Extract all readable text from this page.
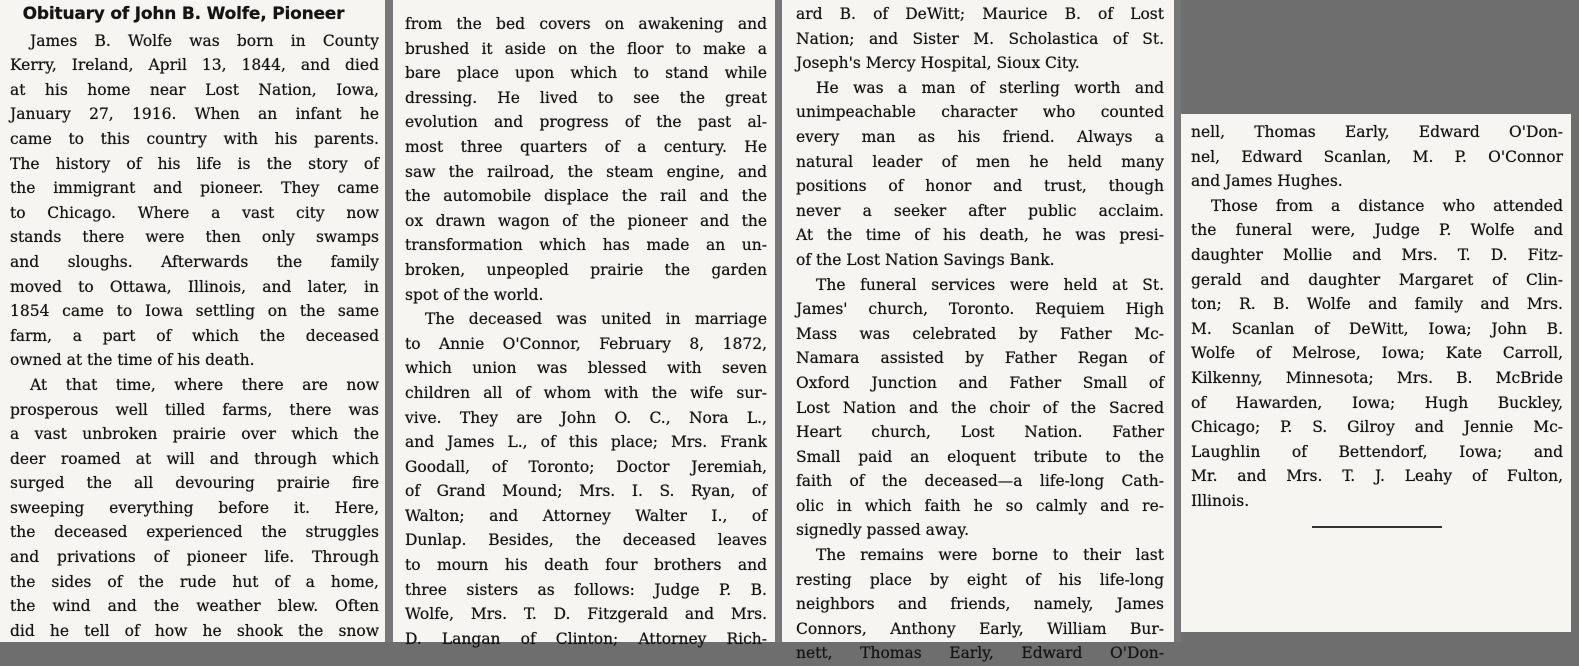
Obituary of John B. Wolfe, Pioneer
James B. Wolfe was born in County
Kerry, Ireland, April 13, 1844, and died
at his home near Lost Nation, Iowa,
January 27, 1916. When an infant he
came to this country with his parents.
The history of his life is the story of
the immigrant and pioneer. They came
to Chicago. Where a vast city now
stands there were then only swamps
and sloughs. Afterwards the family
moved to Ottawa, Illinois, and later, in
1854 came to Iowa settling on the same
farm, a part of which the deceased
owned at the time of his death.
At that time, where there are now
prosperous well tilled farms, there was
a vast unbroken prairie over which the
deer roamed at will and through which
surged the all devouring prairie fire
sweeping everything before it. Here,
the deceased experienced the struggles
and privations of pioneer life. Through
the sides of the rude hut of a home,
the wind and the weather blew. Often
did he tell of how he shook the snow
from the bed covers on awakening and
brushed it aside on the floor to make a
bare place upon which to stand while
dressing. He lived to see the great
evolution and progress of the past al-
most three quarters of a century. He
saw the railroad, the steam engine, and
the automobile displace the rail and the
ox drawn wagon of the pioneer and the
transformation which has made an un-
broken, unpeopled prairie the garden
spot of the world.
The deceased was united in marriage
to Annie O'Connor, February 8, 1872,
which union was blessed with seven
children all of whom with the wife sur-
vive. They are John O. C., Nora L.,
and James L., of this place; Mrs. Frank
Goodall, of Toronto; Doctor Jeremiah,
of Grand Mound; Mrs. I. S. Ryan, of
Walton; and Attorney Walter I., of
Dunlap. Besides, the deceased leaves
to mourn his death four brothers and
three sisters as follows: Judge P. B.
Wolfe, Mrs. T. D. Fitzgerald and Mrs.
D. Langan of Clinton; Attorney Rich-
ard B. of DeWitt; Maurice B. of Lost
Nation; and Sister M. Scholastica of St.
Joseph's Mercy Hospital, Sioux City.
He was a man of sterling worth and
unimpeachable character who counted
every man as his friend. Always a
natural leader of men he held many
positions of honor and trust, though
never a seeker after public acclaim.
At the time of his death, he was presi-
of the Lost Nation Savings Bank.
The funeral services were held at St.
James' church, Toronto. Requiem High
Mass was celebrated by Father Mc-
Namara assisted by Father Regan of
Oxford Junction and Father Small of
Lost Nation and the choir of the Sacred
Heart church, Lost Nation. Father
Small paid an eloquent tribute to the
faith of the deceased—a life-long Cath-
olic in which faith he so calmly and re-
signedly passed away.
The remains were borne to their last
resting place by eight of his life-long
neighbors and friends, namely, James
Connors, Anthony Early, William Bur-
nett, Thomas Early, Edward O'Don-
nell, Thomas Early, Edward O'Don-
nel, Edward Scanlan, M. P. O'Connor
and James Hughes.
Those from a distance who attended
the funeral were, Judge P. Wolfe and
daughter Mollie and Mrs. T. D. Fitz-
gerald and daughter Margaret of Clin-
ton; R. B. Wolfe and family and Mrs.
M. Scanlan of DeWitt, Iowa; John B.
Wolfe of Melrose, Iowa; Kate Carroll,
Kilkenny, Minnesota; Mrs. B. McBride
of Hawarden, Iowa; Hugh Buckley,
Chicago; P. S. Gilroy and Jennie Mc-
Laughlin of Bettendorf, Iowa; and
Mr. and Mrs. T. J. Leahy of Fulton,
Illinois.
